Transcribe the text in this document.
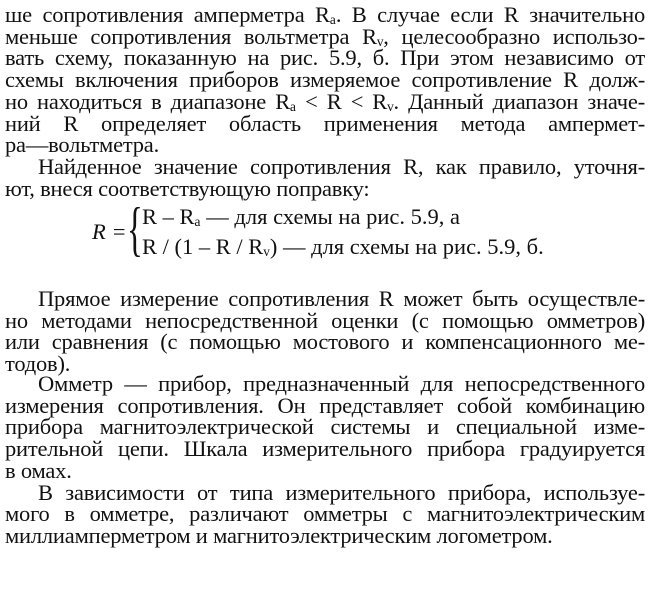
ше сопротивления амперметра Rₐ. В случае если R значительно
меньше сопротивления вольтметра Rᵥ, целесообразно использо-
вать схему, показанную на рис. 5.9, б. При этом независимо от
схемы включения приборов измеряемое сопротивление R долж-
но находиться в диапазоне Rₐ < R < Rᵥ. Данный диапазон значе-
ний R определяет область применения метода ампермет-
ра—вольтметра.
Найденное значение сопротивления R, как правило, уточня-
ют, внеся соответствующую поправку:
R = { R – Rₐ — для схемы на рис. 5.9, а
R / (1 – R / Rᵥ) — для схемы на рис. 5.9, б.
Прямое измерение сопротивления R может быть осуществле-
но методами непосредственной оценки (с помощью омметров)
или сравнения (с помощью мостового и компенсационного ме-
тодов).
Омметр — прибор, предназначенный для непосредственного
измерения сопротивления. Он представляет собой комбинацию
прибора магнитоэлектрической системы и специальной изме-
рительной цепи. Шкала измерительного прибора градуируется
в омах.
В зависимости от типа измерительного прибора, используе-
мого в омметре, различают омметры с магнитоэлектрическим
миллиамперметром и магнитоэлектрическим логометром.
